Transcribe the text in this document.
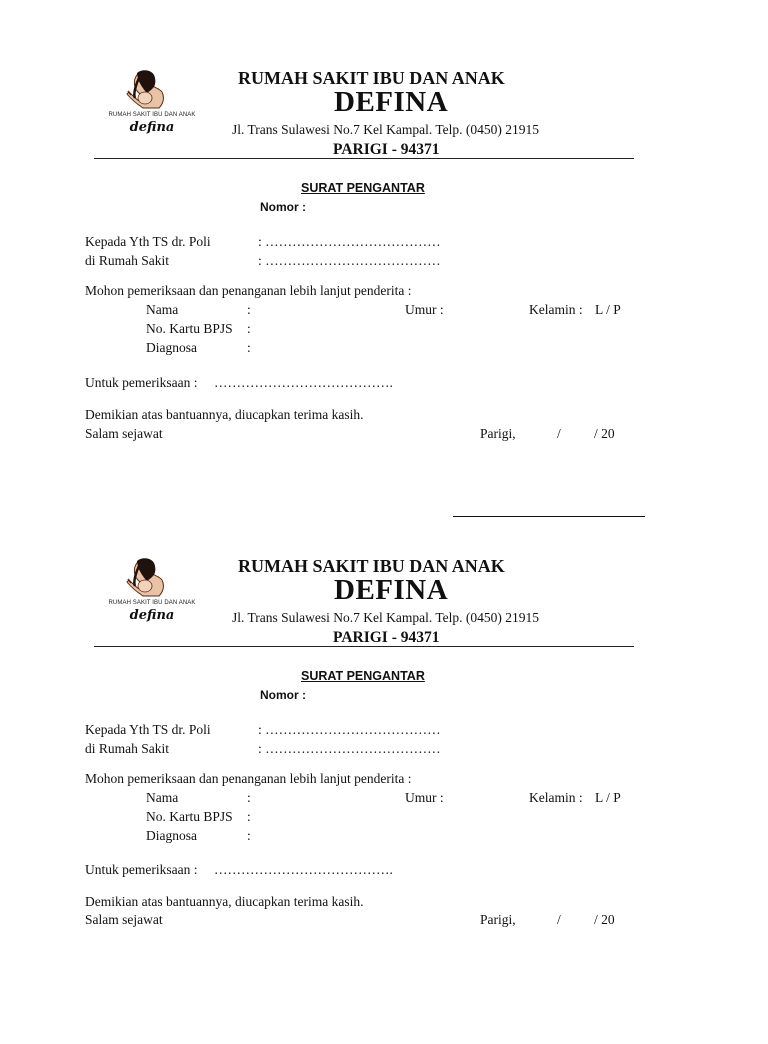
RUMAH SAKIT IBU DAN ANAK
defina
RUMAH SAKIT IBU DAN ANAK
DEFINA
Jl. Trans Sulawesi No.7 Kel Kampal. Telp. (0450) 21915
PARIGI - 94371
SURAT PENGANTAR
Nomor :
Kepada Yth TS dr. Poli	: …………………………………
di Rumah Sakit	: …………………………………
Mohon pemeriksaan dan penanganan lebih lanjut penderita :
Nama	:	Umur :	Kelamin : L / P
No. Kartu BPJS :
Diagnosa	:
Untuk pemeriksaan : ………………………………….
Demikian atas bantuannya, diucapkan terima kasih.
Salam sejawat	Parigi,	/ / 20
RUMAH SAKIT IBU DAN ANAK
defina
RUMAH SAKIT IBU DAN ANAK
DEFINA
Jl. Trans Sulawesi No.7 Kel Kampal. Telp. (0450) 21915
PARIGI - 94371
SURAT PENGANTAR
Nomor :
Kepada Yth TS dr. Poli	: …………………………………
di Rumah Sakit	: …………………………………
Mohon pemeriksaan dan penanganan lebih lanjut penderita :
Nama	:	Umur :	Kelamin : L / P
No. Kartu BPJS :
Diagnosa	:
Untuk pemeriksaan : ………………………………….
Demikian atas bantuannya, diucapkan terima kasih.
Salam sejawat	Parigi,	/ / 20
